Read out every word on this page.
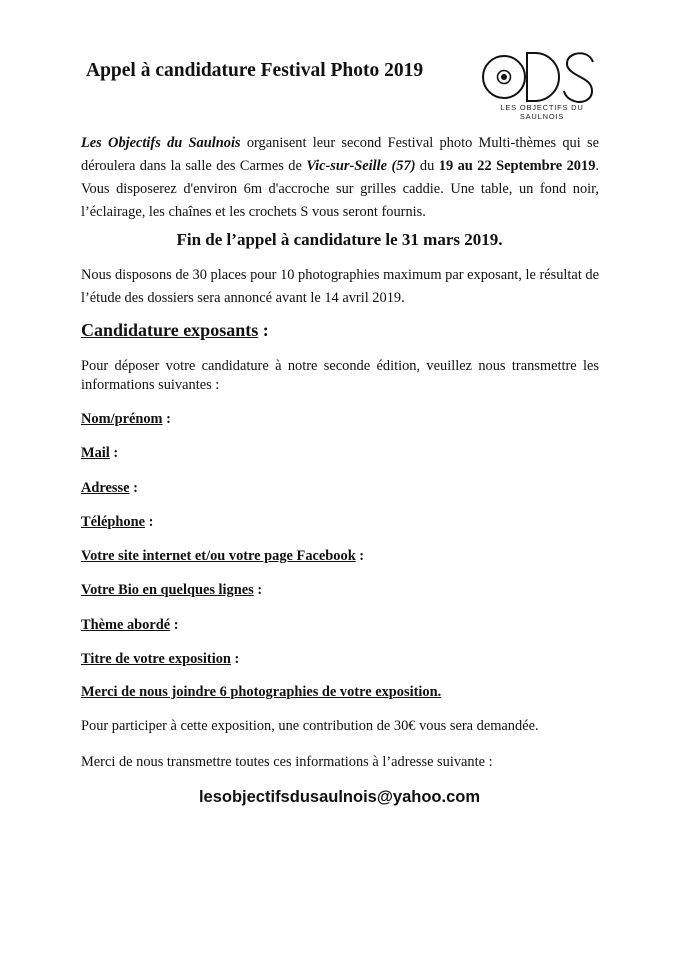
Appel à candidature Festival Photo 2019
LES OBJECTIFS DU SAULNOIS

Les Objectifs du Saulnois organisent leur second Festival photo Multi-thèmes qui se déroulera dans la salle des Carmes de Vic-sur-Seille (57) du 19 au 22 Septembre 2019. Vous disposerez d'environ 6m d'accroche sur grilles caddie. Une table, un fond noir, l’éclairage, les chaînes et les crochets S vous seront fournis.

Fin de l’appel à candidature le 31 mars 2019.

Nous disposons de 30 places pour 10 photographies maximum par exposant, le résultat de l’étude des dossiers sera annoncé avant le 14 avril 2019.

Candidature exposants :

Pour déposer votre candidature à notre seconde édition, veuillez nous transmettre les informations suivantes :

Nom/prénom :

Mail :

Adresse :

Téléphone :

Votre site internet et/ou votre page Facebook :

Votre Bio en quelques lignes :

Thème abordé :

Titre de votre exposition :

Merci de nous joindre 6 photographies de votre exposition.

Pour participer à cette exposition, une contribution de 30€ vous sera demandée.

Merci de nous transmettre toutes ces informations à l’adresse suivante :

lesobjectifsdusaulnois@yahoo.com
